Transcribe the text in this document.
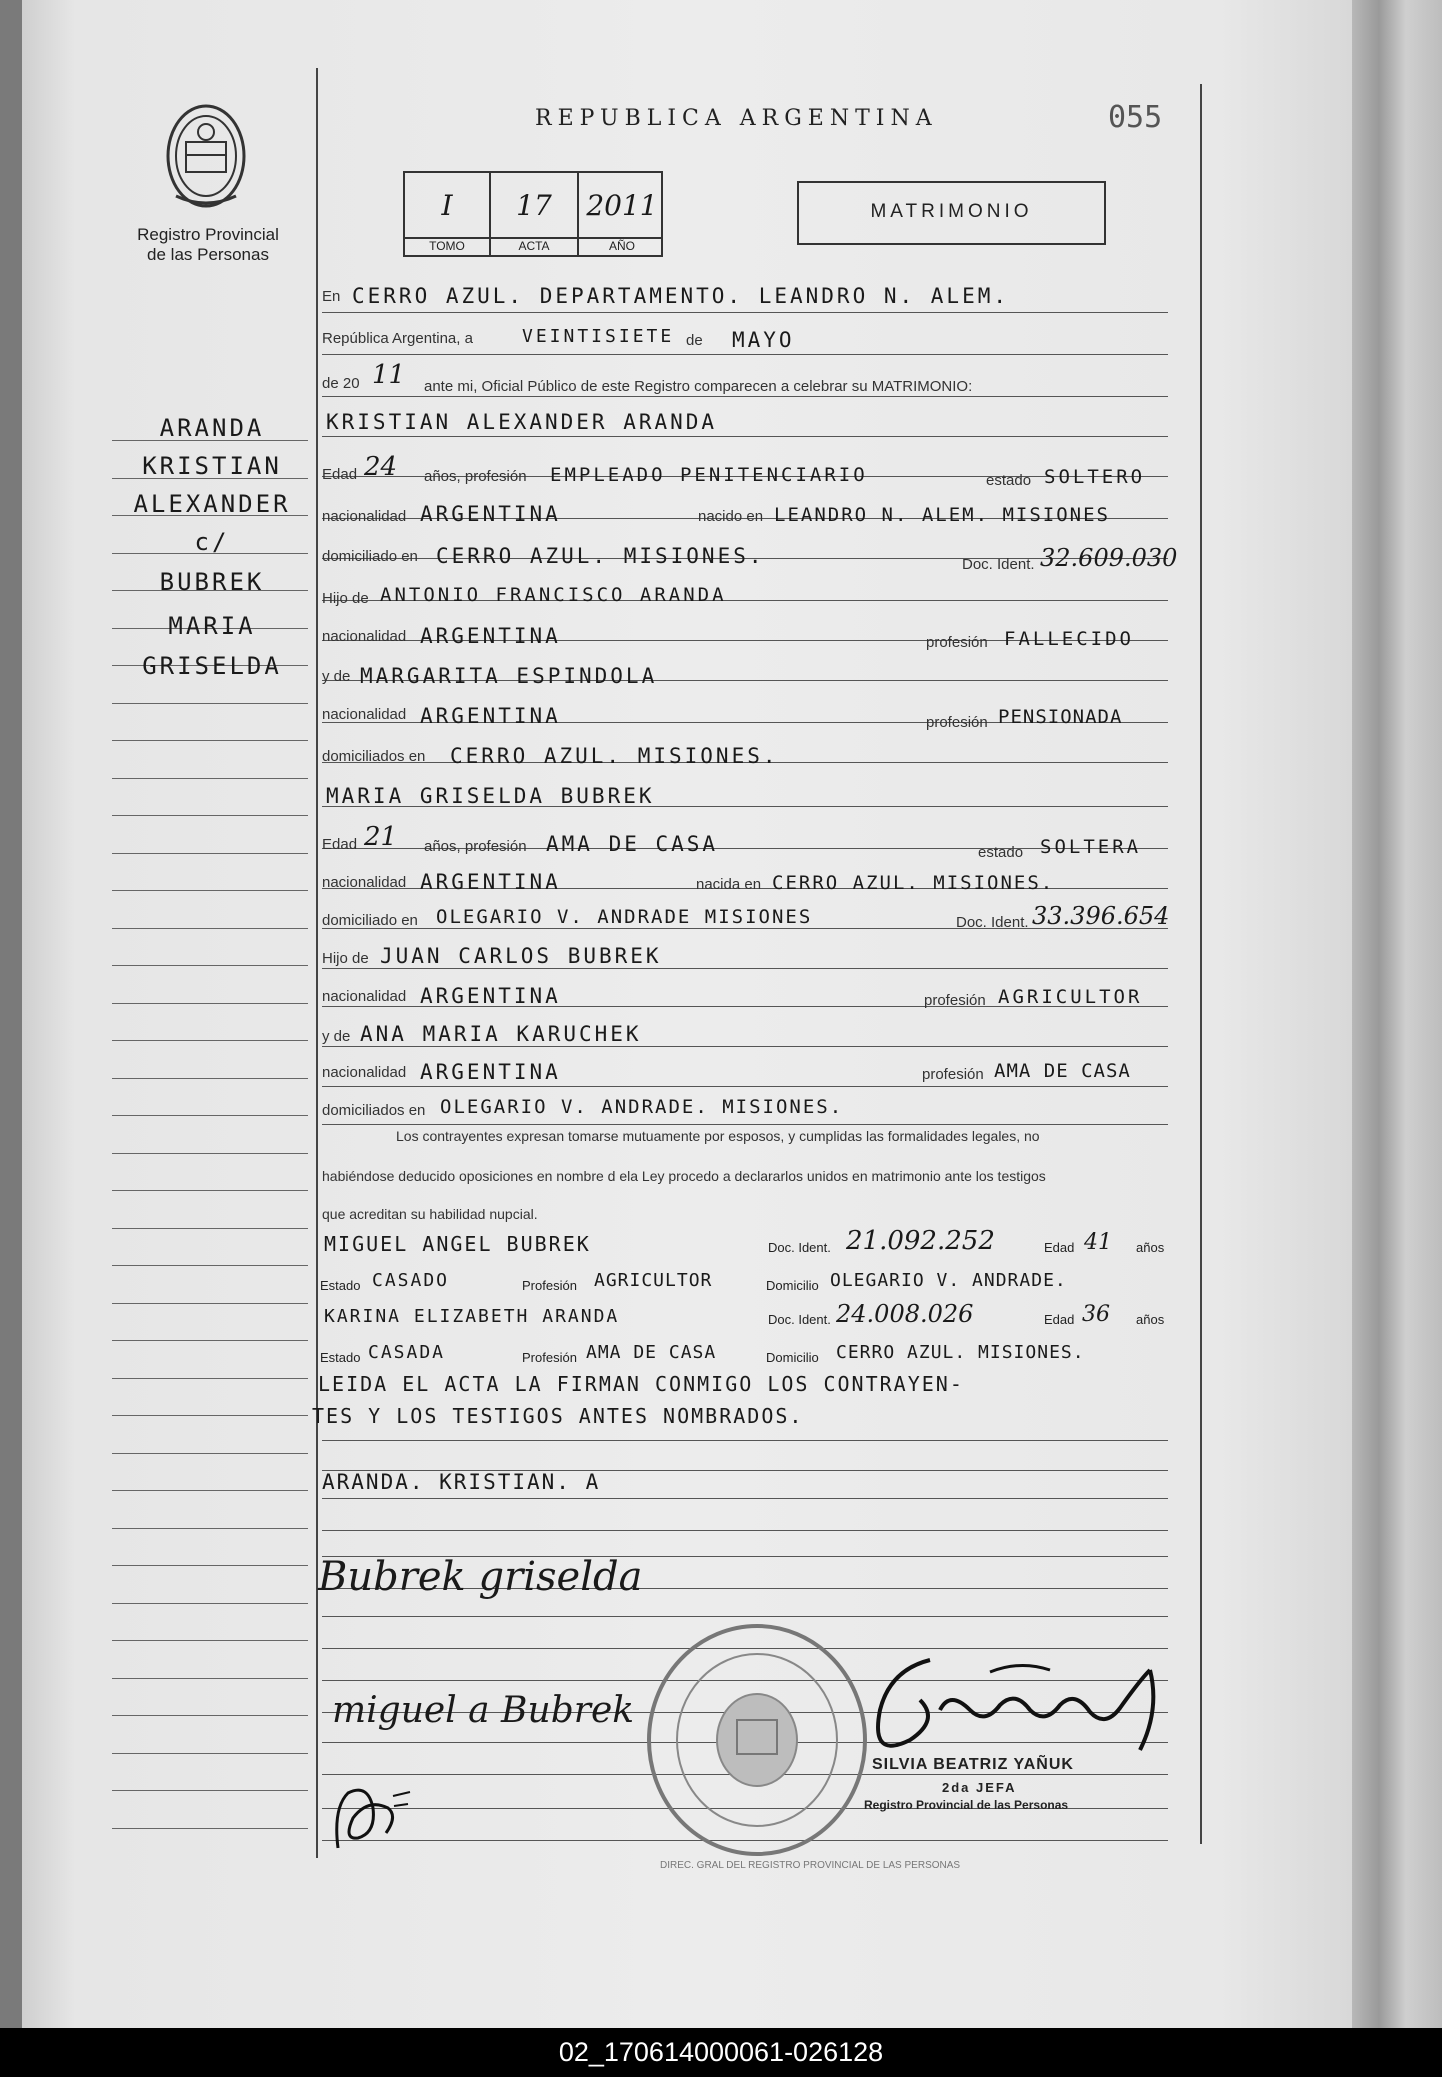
Registro Provincial
de las Personas
REPUBLICA ARGENTINA	055
I	17	2011
TOMO	ACTA	AÑO
MATRIMONIO
ARANDA
KRISTIAN
ALEXANDER
c/
BUBREK
MARIA
GRISELDA
En CERRO AZUL. DEPARTAMENTO. LEANDRO N. ALEM.
República Argentina, a	VEINTISIETE de MAYO
de 20 11 ante mi, Oficial Público de este Registro comparecen a celebrar su MATRIMONIO:
KRISTIAN ALEXANDER ARANDA
Edad 24 años, profesión EMPLEADO PENITENCIARIO	estado SOLTERO
nacionalidad ARGENTINA	nacido en LEANDRO N. ALEM. MISIONES
domiciliado en CERRO AZUL. MISIONES.	Doc. Ident. 32.609.030
Hijo de ANTONIO FRANCISCO ARANDA
nacionalidad ARGENTINA	profesión FALLECIDO
y de MARGARITA ESPINDOLA
nacionalidad ARGENTINA	profesión PENSIONADA
domiciliados en CERRO AZUL. MISIONES.
MARIA GRISELDA BUBREK
Edad 21 años, profesión AMA DE CASA	estado SOLTERA
nacionalidad ARGENTINA	nacida en CERRO AZUL. MISIONES.
domiciliado en OLEGARIO V. ANDRADE MISIONES	Doc. Ident. 33.396.654
Hijo de JUAN CARLOS BUBREK
nacionalidad ARGENTINA	profesión AGRICULTOR
y de ANA MARIA KARUCHEK
nacionalidad ARGENTINA	profesión AMA DE CASA
domiciliados en OLEGARIO V. ANDRADE. MISIONES.
Los contrayentes expresan tomarse mutuamente por esposos, y cumplidas las formalidades legales, no
habiéndose deducido oposiciones en nombre d ela Ley procedo a declararlos unidos en matrimonio ante los testigos
que acreditan su habilidad nupcial.
MIGUEL ANGEL BUBREK	Doc. Ident. 21.092.252	Edad 41 años
Estado CASADO	Profesión AGRICULTOR	Domicilio OLEGARIO V. ANDRADE.
KARINA ELIZABETH ARANDA	Doc. Ident. 24.008.026	Edad 36 años
Estado CASADA	Profesión AMA DE CASA	Domicilio CERRO AZUL. MISIONES.
LEIDA EL ACTA LA FIRMAN CONMIGO LOS CONTRAYEN-
TES Y LOS TESTIGOS ANTES NOMBRADOS.
ARANDA. KRISTIAN. A
Bubrek griselda
miguel a Bubrek
SILVIA BEATRIZ YAÑUK
2da JEFA
Registro Provincial de las Personas
DIREC. GRAL DEL REGISTRO PROVINCIAL DE LAS PERSONAS
02_170614000061-026128
